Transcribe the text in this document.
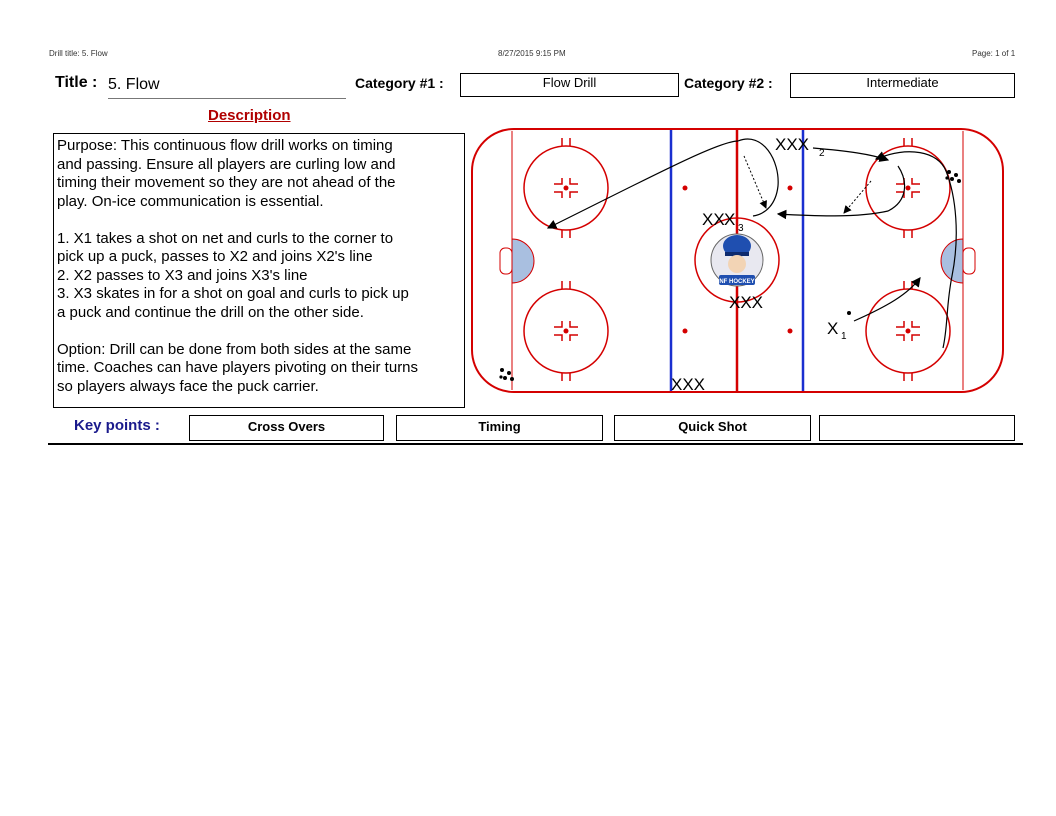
Drill title: 5. Flow	8/27/2015 9:15 PM	Page: 1 of 1
Title : 5. Flow	Category #1 :	Flow Drill	Category #2 :	Intermediate
Description
Purpose: This continuous flow drill works on timing
and passing. Ensure all players are curling low and
timing their movement so they are not ahead of the
play. On-ice communication is essential.

1. X1 takes a shot on net and curls to the corner to
pick up a puck, passes to X2 and joins X2's line
2. X2 passes to X3 and joins X3's line
3. X3 skates in for a shot on goal and curls to pick up
a puck and continue the drill on the other side.

Option: Drill can be done from both sides at the same
time. Coaches can have players pivoting on their turns
so players always face the puck carrier.
NF HOCKEY
XXX 2
XX X 3
XXX
X 1
XXX
Key points :	Cross Overs	Timing	Quick Shot
